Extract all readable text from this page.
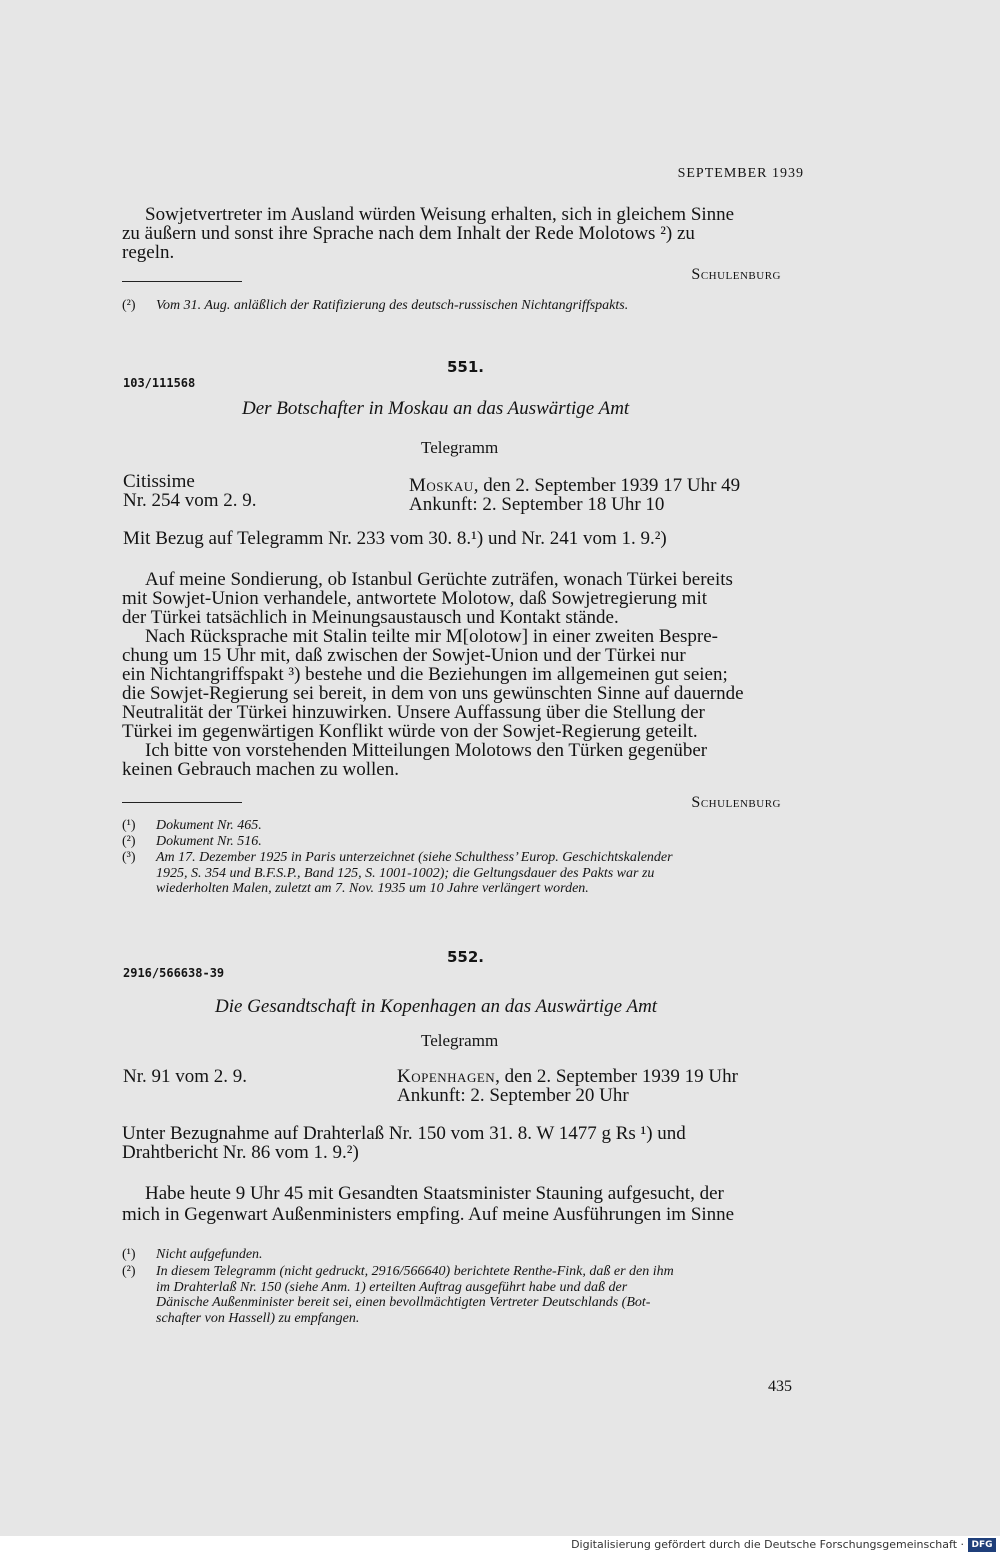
SEPTEMBER 1939
Sowjetvertreter im Ausland würden Weisung erhalten, sich in gleichem Sinne
zu äußern und sonst ihre Sprache nach dem Inhalt der Rede Molotows ²) zu
regeln.
Schulenburg
(²) Vom 31. Aug. anläßlich der Ratifizierung des deutsch-russischen Nichtangriffspakts.
551.
103/111568
Der Botschafter in Moskau an das Auswärtige Amt
Telegramm
Citissime
Nr. 254 vom 2. 9.
Moskau, den 2. September 1939 17 Uhr 49
Ankunft: 2. September 18 Uhr 10
Mit Bezug auf Telegramm Nr. 233 vom 30. 8.¹) und Nr. 241 vom 1. 9.²)
Auf meine Sondierung, ob Istanbul Gerüchte zuträfen, wonach Türkei bereits
mit Sowjet-Union verhandele, antwortete Molotow, daß Sowjetregierung mit
der Türkei tatsächlich in Meinungsaustausch und Kontakt stände.
Nach Rücksprache mit Stalin teilte mir M[olotow] in einer zweiten Bespre-
chung um 15 Uhr mit, daß zwischen der Sowjet-Union und der Türkei nur
ein Nichtangriffspakt ³) bestehe und die Beziehungen im allgemeinen gut seien;
die Sowjet-Regierung sei bereit, in dem von uns gewünschten Sinne auf dauernde
Neutralität der Türkei hinzuwirken. Unsere Auffassung über die Stellung der
Türkei im gegenwärtigen Konflikt würde von der Sowjet-Regierung geteilt.
Ich bitte von vorstehenden Mitteilungen Molotows den Türken gegenüber
keinen Gebrauch machen zu wollen.
Schulenburg
(¹) Dokument Nr. 465.
(²) Dokument Nr. 516.
(³) Am 17. Dezember 1925 in Paris unterzeichnet (siehe Schulthess’ Europ. Geschichtskalender
1925, S. 354 und B.F.S.P., Band 125, S. 1001-1002); die Geltungsdauer des Pakts war zu
wiederholten Malen, zuletzt am 7. Nov. 1935 um 10 Jahre verlängert worden.
552.
2916/566638-39
Die Gesandtschaft in Kopenhagen an das Auswärtige Amt
Telegramm
Nr. 91 vom 2. 9.	Kopenhagen, den 2. September 1939 19 Uhr
Ankunft: 2. September 20 Uhr
Unter Bezugnahme auf Drahterlaß Nr. 150 vom 31. 8. W 1477 g Rs ¹) und
Drahtbericht Nr. 86 vom 1. 9.²)
Habe heute 9 Uhr 45 mit Gesandten Staatsminister Stauning aufgesucht, der
mich in Gegenwart Außenministers empfing. Auf meine Ausführungen im Sinne
(¹) Nicht aufgefunden.
(²) In diesem Telegramm (nicht gedruckt, 2916/566640) berichtete Renthe-Fink, daß er den ihm
im Drahterlaß Nr. 150 (siehe Anm. 1) erteilten Auftrag ausgeführt habe und daß der
Dänische Außenminister bereit sei, einen bevollmächtigten Vertreter Deutschlands (Bot-
schafter von Hassell) zu empfangen.
435
Digitalisierung gefördert durch die Deutsche Forschungsgemeinschaft · DFG
